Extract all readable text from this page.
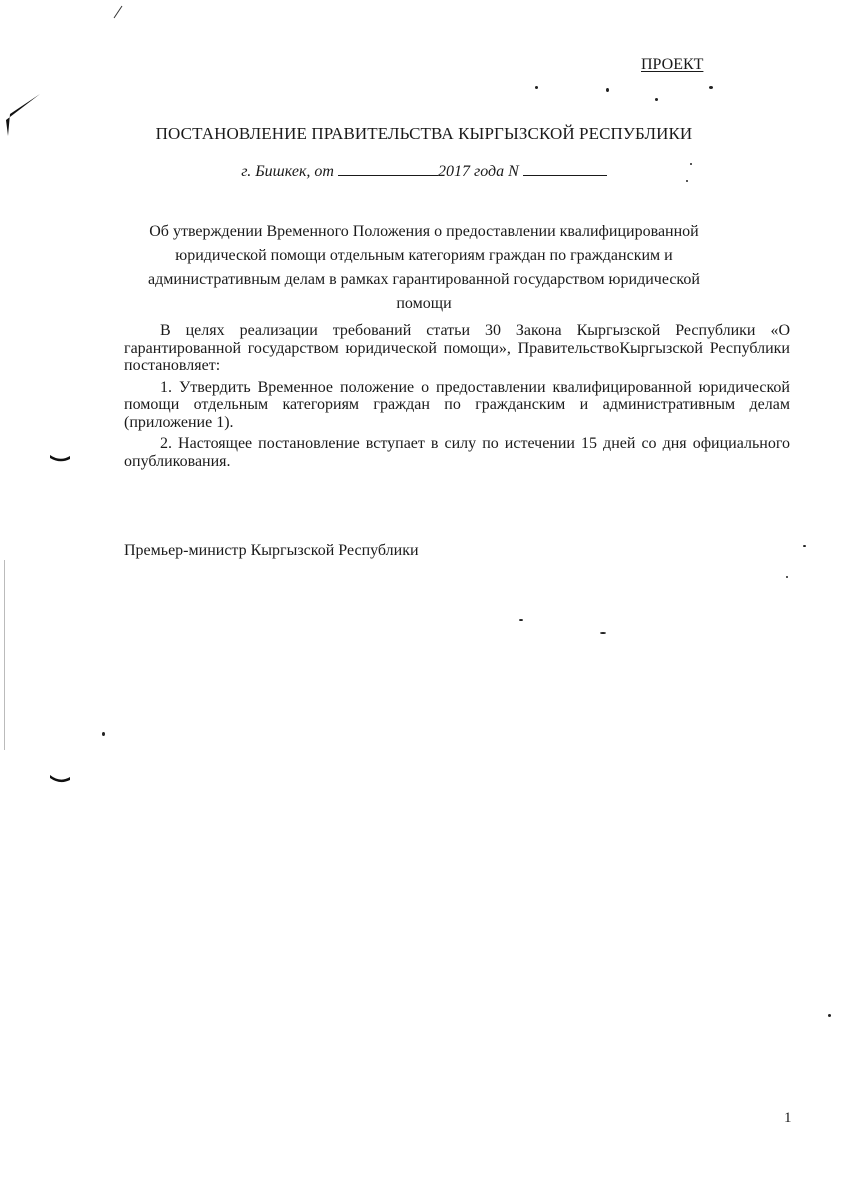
ПРОЕКТ
ПОСТАНОВЛЕНИЕ ПРАВИТЕЛЬСТВА КЫРГЫЗСКОЙ РЕСПУБЛИКИ
г. Бишкек, от	2017 года N
Об утверждении Временного Положения о предоставлении квалифицированной юридической помощи отдельным категориям граждан по гражданским и административным делам в рамках гарантированной государством юридической помощи

В целях реализации требований статьи 30 Закона Кыргызской Республики «О гарантированной государством юридической помощи», ПравительствоКыргызской Республики постановляет:

1. Утвердить Временное положение о предоставлении квалифицированной юридической помощи отдельным категориям граждан по гражданским и административным делам (приложение 1).

2. Настоящее постановление вступает в силу по истечении 15 дней со дня официального опубликования.

Премьер-министр Кыргызской Республики
1
